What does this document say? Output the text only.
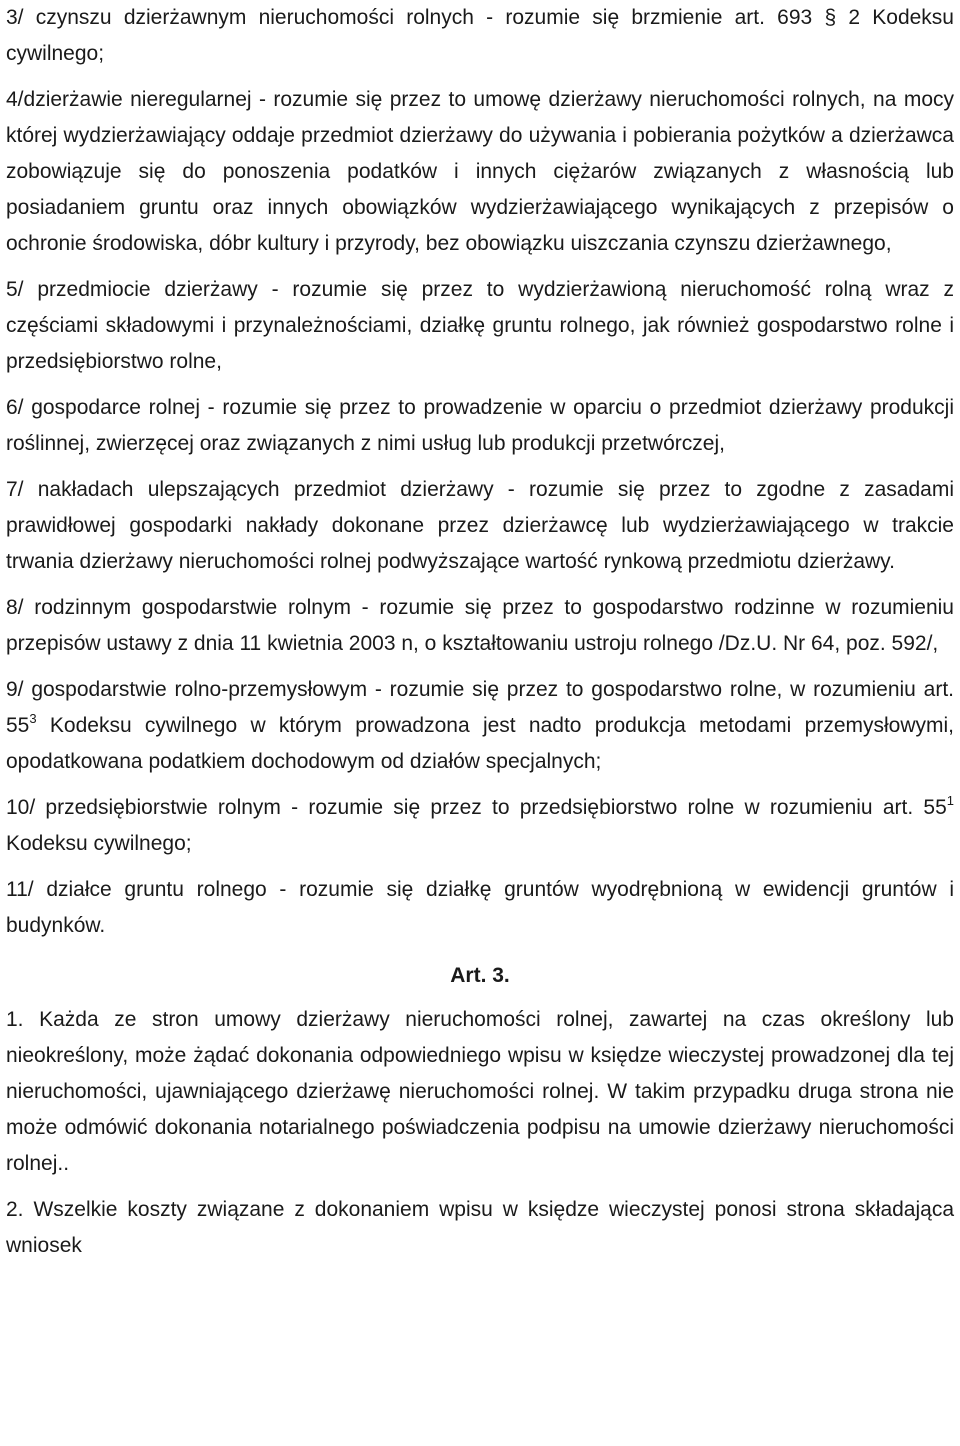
3/ czynszu dzierżawnym nieruchomości rolnych - rozumie się brzmienie art. 693 § 2 Kodeksu cywilnego;

4/dzierżawie nieregularnej - rozumie się przez to umowę dzierżawy nieruchomości rolnych, na mocy której wydzierżawiający oddaje przedmiot dzierżawy do używania i pobierania pożytków a dzierżawca zobowiązuje się do ponoszenia podatków i innych ciężarów związanych z własnością lub posiadaniem gruntu oraz innych obowiązków wydzierżawiającego wynikających z przepisów o ochronie środowiska, dóbr kultury i przyrody, bez obowiązku uiszczania czynszu dzierżawnego,

5/ przedmiocie dzierżawy - rozumie się przez to wydzierżawioną nieruchomość rolną wraz z częściami składowymi i przynależnościami, działkę gruntu rolnego, jak również gospodarstwo rolne i przedsiębiorstwo rolne,

6/ gospodarce rolnej - rozumie się przez to prowadzenie w oparciu o przedmiot dzierżawy produkcji roślinnej, zwierzęcej oraz związanych z nimi usług lub produkcji przetwórczej,

7/ nakładach ulepszających przedmiot dzierżawy - rozumie się przez to zgodne z zasadami prawidłowej gospodarki nakłady dokonane przez dzierżawcę lub wydzierżawiającego w trakcie trwania dzierżawy nieruchomości rolnej podwyższające wartość rynkową przedmiotu dzierżawy.

8/ rodzinnym gospodarstwie rolnym - rozumie się przez to gospodarstwo rodzinne w rozumieniu przepisów ustawy z dnia 11 kwietnia 2003 n, o kształtowaniu ustroju rolnego /Dz.U. Nr 64, poz. 592/,

9/ gospodarstwie rolno-przemysłowym - rozumie się przez to gospodarstwo rolne, w rozumieniu art. $55^3$ Kodeksu cywilnego w którym prowadzona jest nadto produkcja metodami przemysłowymi, opodatkowana podatkiem dochodowym od działów specjalnych;

10/ przedsiębiorstwie rolnym - rozumie się przez to przedsiębiorstwo rolne w rozumieniu art. $55^1$ Kodeksu cywilnego;

11/ działce gruntu rolnego - rozumie się działkę gruntów wyodrębnioną w ewidencji gruntów i budynków.

Art. 3.

1. Każda ze stron umowy dzierżawy nieruchomości rolnej, zawartej na czas określony lub nieokreślony, może żądać dokonania odpowiedniego wpisu w księdze wieczystej prowadzonej dla tej nieruchomości, ujawniającego dzierżawę nieruchomości rolnej. W takim przypadku druga strona nie może odmówić dokonania notarialnego poświadczenia podpisu na umowie dzierżawy nieruchomości rolnej..

2. Wszelkie koszty związane z dokonaniem wpisu w księdze wieczystej ponosi strona składająca wniosek
